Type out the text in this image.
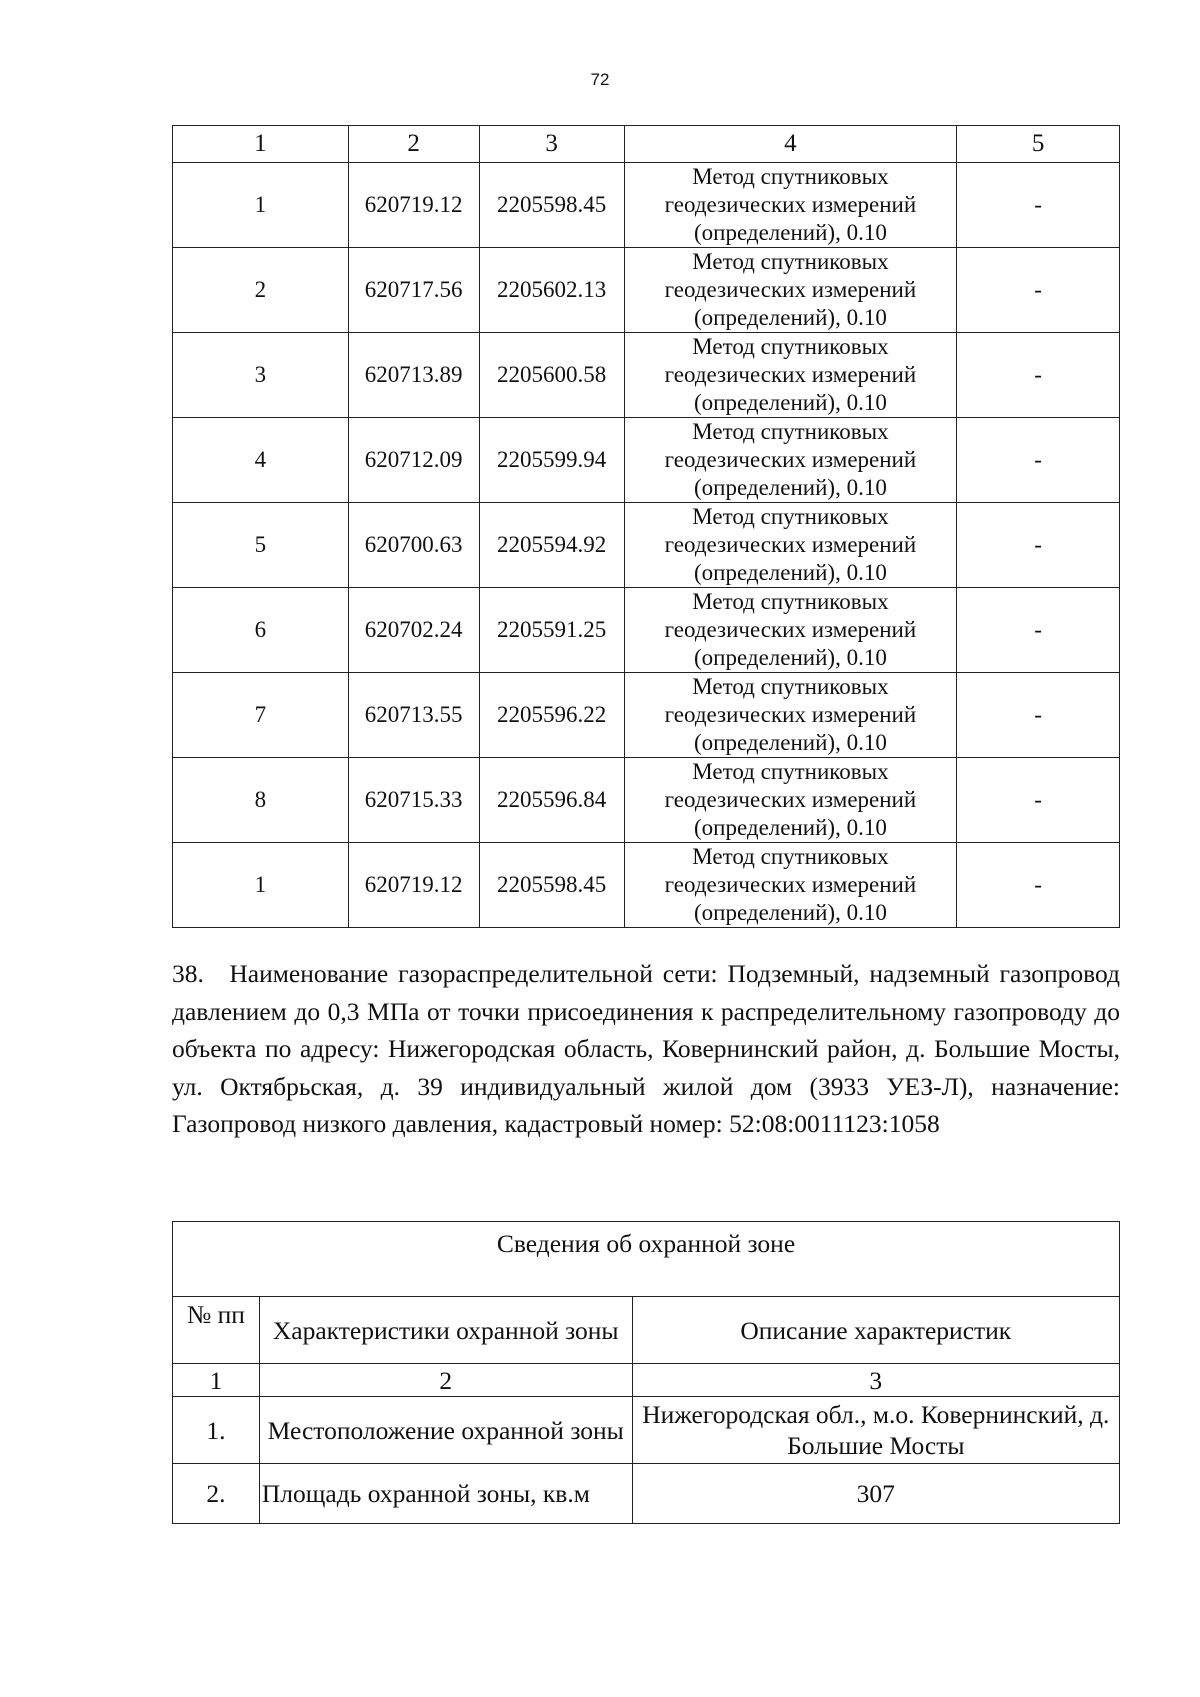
72
1	2	3	4	5
1	620719.12	2205598.45	Метод спутниковых геодезических измерений (определений), 0.10	-
2	620717.56	2205602.13	Метод спутниковых геодезических измерений (определений), 0.10	-
3	620713.89	2205600.58	Метод спутниковых геодезических измерений (определений), 0.10	-
4	620712.09	2205599.94	Метод спутниковых геодезических измерений (определений), 0.10	-
5	620700.63	2205594.92	Метод спутниковых геодезических измерений (определений), 0.10	-
6	620702.24	2205591.25	Метод спутниковых геодезических измерений (определений), 0.10	-
7	620713.55	2205596.22	Метод спутниковых геодезических измерений (определений), 0.10	-
8	620715.33	2205596.84	Метод спутниковых геодезических измерений (определений), 0.10	-
1	620719.12	2205598.45	Метод спутниковых геодезических измерений (определений), 0.10	-

38. Наименование газораспределительной сети: Подземный, надземный газопровод давлением до 0,3 МПа от точки присоединения к распределительному газопроводу до объекта по адресу: Нижегородская область, Ковернинский район, д. Большие Мосты, ул. Октябрьская, д. 39 индивидуальный жилой дом (3933 УЕЗ-Л), назначение: Газопровод низкого давления, кадастровый номер: 52:08:0011123:1058

Сведения об охранной зоне		
№ пп	Характеристики охранной зоны	Описание характеристик
1	2	3
1.	Местоположение охранной зоны	Нижегородская обл., м.о. Ковернинский, д. Большие Мосты
2.	Площадь охранной зоны, кв.м	307
